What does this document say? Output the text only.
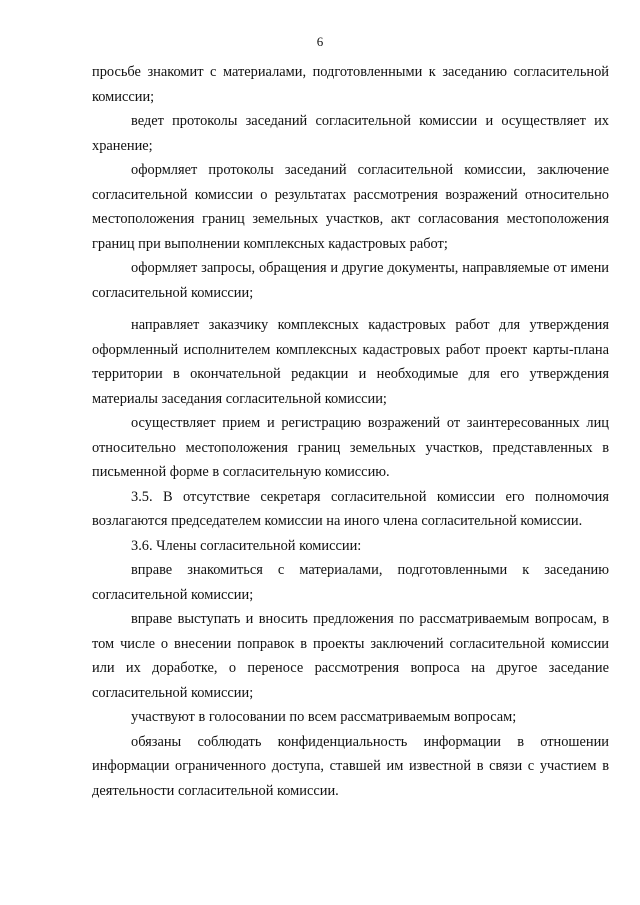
6

просьбе знакомит с материалами, подготовленными к заседанию согласительной комиссии;

ведет протоколы заседаний согласительной комиссии и осуществляет их хранение;

оформляет протоколы заседаний согласительной комиссии, заключение согласительной комиссии о результатах рассмотрения возражений относительно местоположения границ земельных участков, акт согласования местоположения границ при выполнении комплексных кадастровых работ;

оформляет запросы, обращения и другие документы, направляемые от имени согласительной комиссии;

направляет заказчику комплексных кадастровых работ для утверждения оформленный исполнителем комплексных кадастровых работ проект карты-плана территории в окончательной редакции и необходимые для его утверждения материалы заседания согласительной комиссии;

осуществляет прием и регистрацию возражений от заинтересованных лиц относительно местоположения границ земельных участков, представленных в письменной форме в согласительную комиссию.

3.5. В отсутствие секретаря согласительной комиссии его полномочия возлагаются председателем комиссии на иного члена согласительной комиссии.

3.6. Члены согласительной комиссии:

вправе знакомиться с материалами, подготовленными к заседанию согласительной комиссии;

вправе выступать и вносить предложения по рассматриваемым вопросам, в том числе о внесении поправок в проекты заключений согласительной комиссии или их доработке, о переносе рассмотрения вопроса на другое заседание согласительной комиссии;

участвуют в голосовании по всем рассматриваемым вопросам;

обязаны соблюдать конфиденциальность информации в отношении информации ограниченного доступа, ставшей им известной в связи с участием в деятельности согласительной комиссии.
